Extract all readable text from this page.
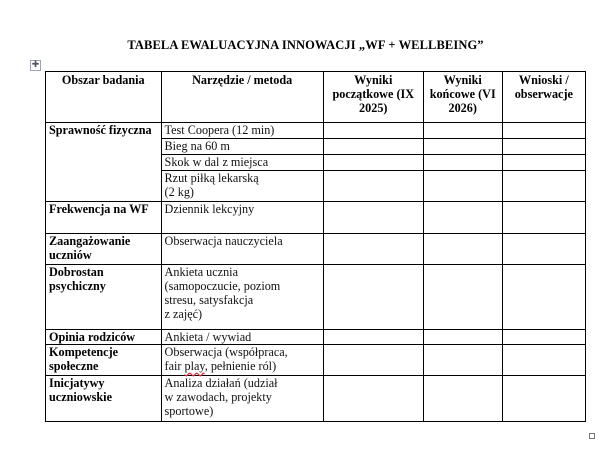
TABELA EWALUACYJNA INNOWACJI „WF + WELLBEING”
✚
Obszar badania	Narzędzie / metoda	Wyniki początkowe (IX 2025)	Wyniki końcowe (VI 2026)	Wnioski / obserwacje
Sprawność fizyczna	Test Coopera (12 min)			
	Bieg na 60 m			
	Skok w dal z miejsca			

	Rzut piłką lekarską
(2 kg)			

Frekwencja na WF	Dziennik lekcyjny			
Zaangażowanie uczniów	Obserwacja nauczyciela			
Dobrostan psychiczny	Ankieta ucznia
(samopoczucie, poziom
stresu, satysfakcja
z zajęć)			

Opinia rodziców	Ankieta / wywiad			
Kompetencje społeczne	Obserwacja (współpraca,
fair play, pełnienie ról)			

Inicjatywy uczniowskie	Analiza działań (udział
w zawodach, projekty
sportowe)			
